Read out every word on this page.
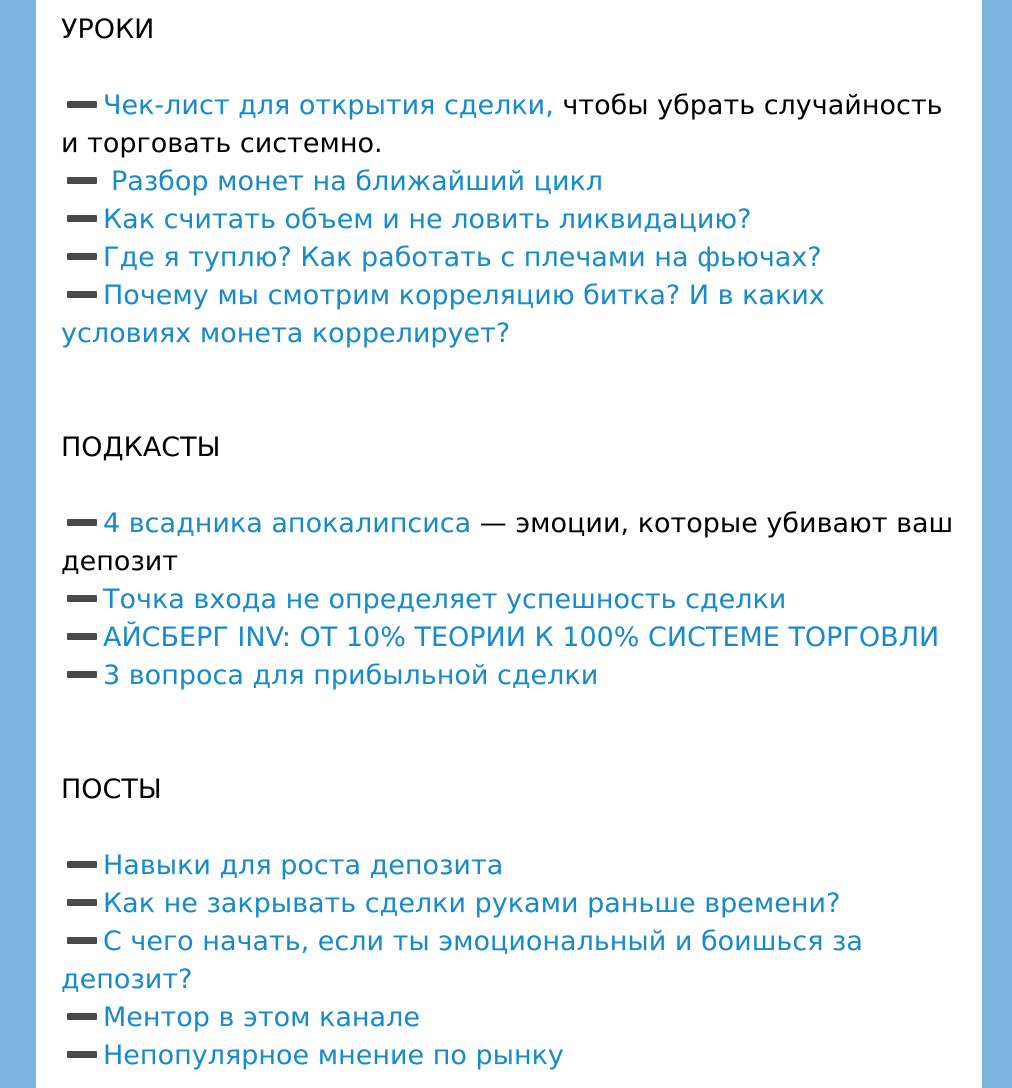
УРОКИ

Чек-лист для открытия сделки, чтобы убрать случайность и торговать системно.

Разбор монет на ближайший цикл

Как считать объем и не ловить ликвидацию?

Где я туплю? Как работать с плечами на фьючах?

Почему мы смотрим корреляцию битка? И в каких условиях монета коррелирует?

ПОДКАСТЫ

4 всадника апокалипсиса — эмоции, которые убивают ваш депозит

Точка входа не определяет успешность сделки

АЙСБЕРГ INV: ОТ 10% ТЕОРИИ К 100% СИСТЕМЕ ТОРГОВЛИ

3 вопроса для прибыльной сделки

ПОСТЫ

Навыки для роста депозита

Как не закрывать сделки руками раньше времени?

С чего начать, если ты эмоциональный и боишься за депозит?

Ментор в этом канале

Непопулярное мнение по рынку
